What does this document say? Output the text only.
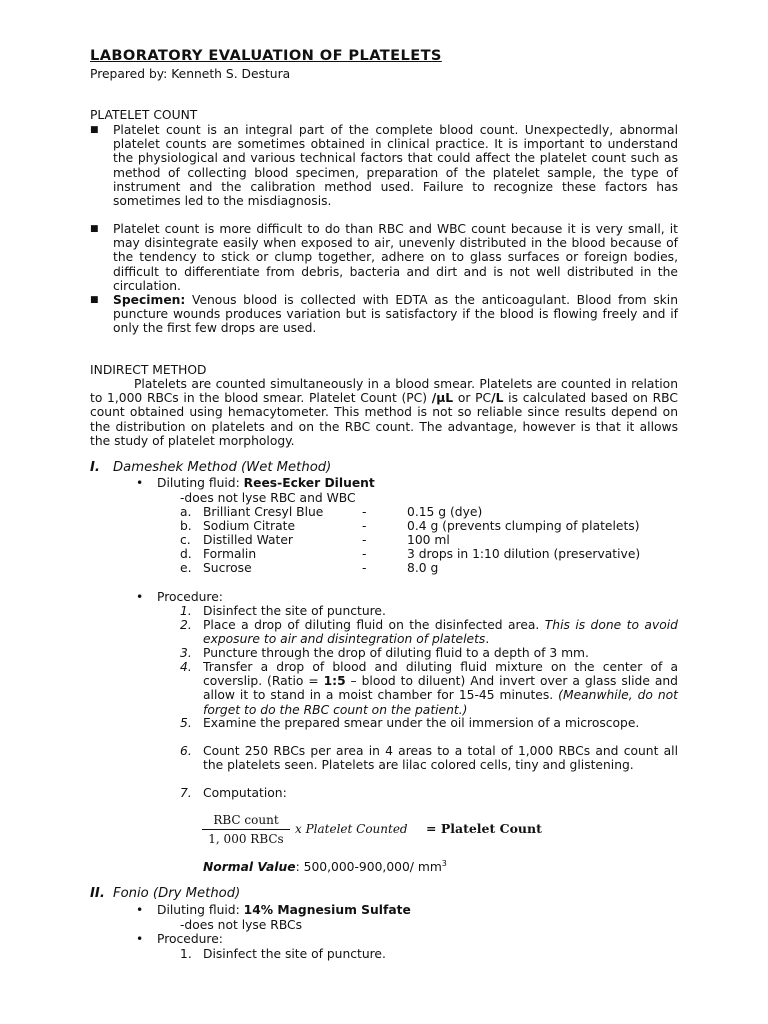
LABORATORY EVALUATION OF PLATELETS
Prepared by: Kenneth S. Destura
PLATELET COUNT
■ Platelet count is an integral part of the complete blood count. Unexpectedly, abnormal platelet counts are sometimes obtained in clinical practice. It is important to understand the physiological and various technical factors that could affect the platelet count such as method of collecting blood specimen, preparation of the platelet sample, the type of instrument and the calibration method used. Failure to recognize these factors has sometimes led to the misdiagnosis.
■ Platelet count is more difficult to do than RBC and WBC count because it is very small, it may disintegrate easily when exposed to air, unevenly distributed in the blood because of the tendency to stick or clump together, adhere on to glass surfaces or foreign bodies, difficult to differentiate from debris, bacteria and dirt and is not well distributed in the circulation.
■ Specimen: Venous blood is collected with EDTA as the anticoagulant. Blood from skin puncture wounds produces variation but is satisfactory if the blood is flowing freely and if only the first few drops are used.
INDIRECT METHOD
Platelets are counted simultaneously in a blood smear. Platelets are counted in relation to 1,000 RBCs in the blood smear. Platelet Count (PC) /µL or PC/L is calculated based on RBC count obtained using hemacytometer. This method is not so reliable since results depend on the distribution on platelets and on the RBC count. The advantage, however is that it allows the study of platelet morphology.
I. Dameshek Method (Wet Method)
• Diluting fluid: Rees-Ecker Diluent
-does not lyse RBC and WBC
a. Brilliant Cresyl Blue	-	0.15 g (dye)
b. Sodium Citrate	-	0.4 g (prevents clumping of platelets)
c. Distilled Water	-	100 ml
d. Formalin	-	3 drops in 1:10 dilution (preservative)
e. Sucrose	-	8.0 g
• Procedure:
1. Disinfect the site of puncture.
2. Place a drop of diluting fluid on the disinfected area. This is done to avoid exposure to air and disintegration of platelets.
3. Puncture through the drop of diluting fluid to a depth of 3 mm.
4. Transfer a drop of blood and diluting fluid mixture on the center of a coverslip. (Ratio = 1:5 – blood to diluent) And invert over a glass slide and allow it to stand in a moist chamber for 15-45 minutes. (Meanwhile, do not forget to do the RBC count on the patient.)
5. Examine the prepared smear under the oil immersion of a microscope.
6. Count 250 RBCs per area in 4 areas to a total of 1,000 RBCs and count all the platelets seen. Platelets are lilac colored cells, tiny and glistening.
7. Computation:
RBC count
1, 000 RBCs
x Platelet Counted = Platelet Count
Normal Value: 500,000-900,000/ $mm^3$
II. Fonio (Dry Method)
• Diluting fluid: 14% Magnesium Sulfate
-does not lyse RBCs
• Procedure:
1. Disinfect the site of puncture.
